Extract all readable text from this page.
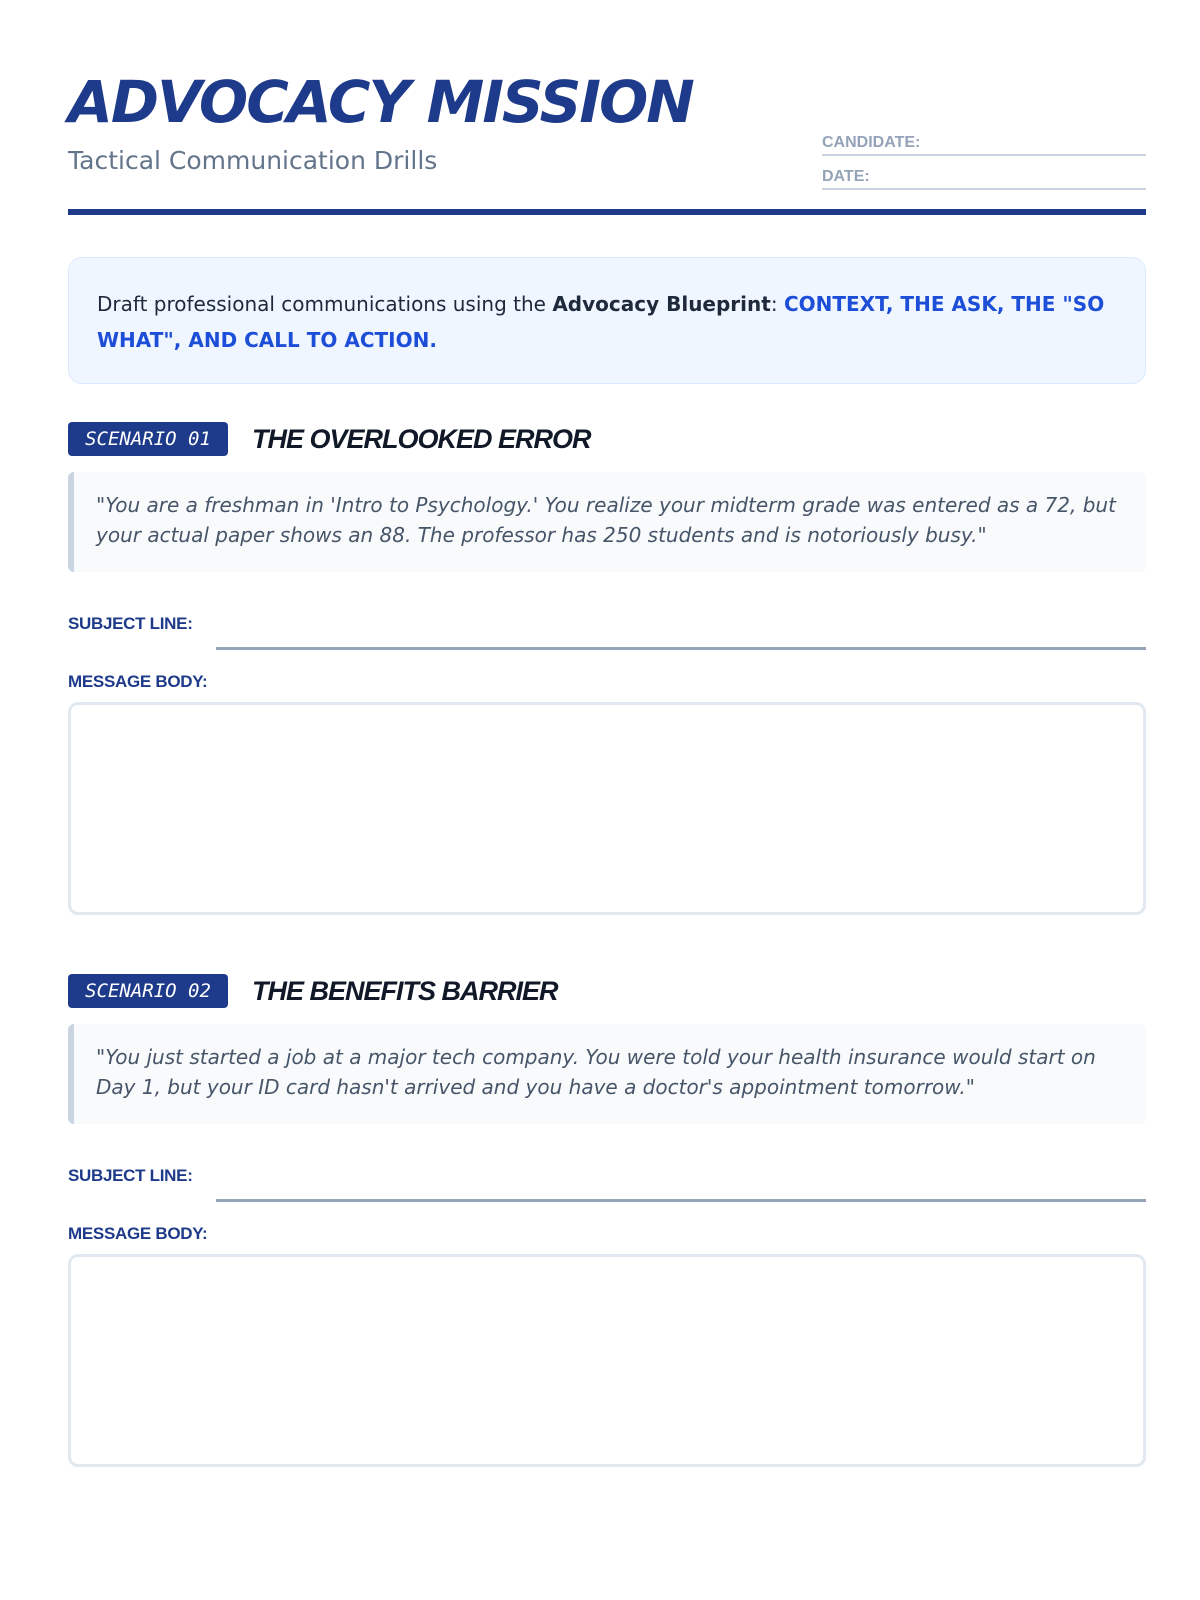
ADVOCACY MISSION
Tactical Communication Drills
CANDIDATE:
DATE:
Draft professional communications using the Advocacy Blueprint: CONTEXT, THE ASK, THE "SO WHAT", AND CALL TO ACTION.
SCENARIO 01	THE OVERLOOKED ERROR
"You are a freshman in 'Intro to Psychology.' You realize your midterm grade was entered as a 72, but your actual paper shows an 88. The professor has 250 students and is notoriously busy."
SUBJECT LINE:
MESSAGE BODY:
SCENARIO 02	THE BENEFITS BARRIER
"You just started a job at a major tech company. You were told your health insurance would start on Day 1, but your ID card hasn't arrived and you have a doctor's appointment tomorrow."
SUBJECT LINE:
MESSAGE BODY:
